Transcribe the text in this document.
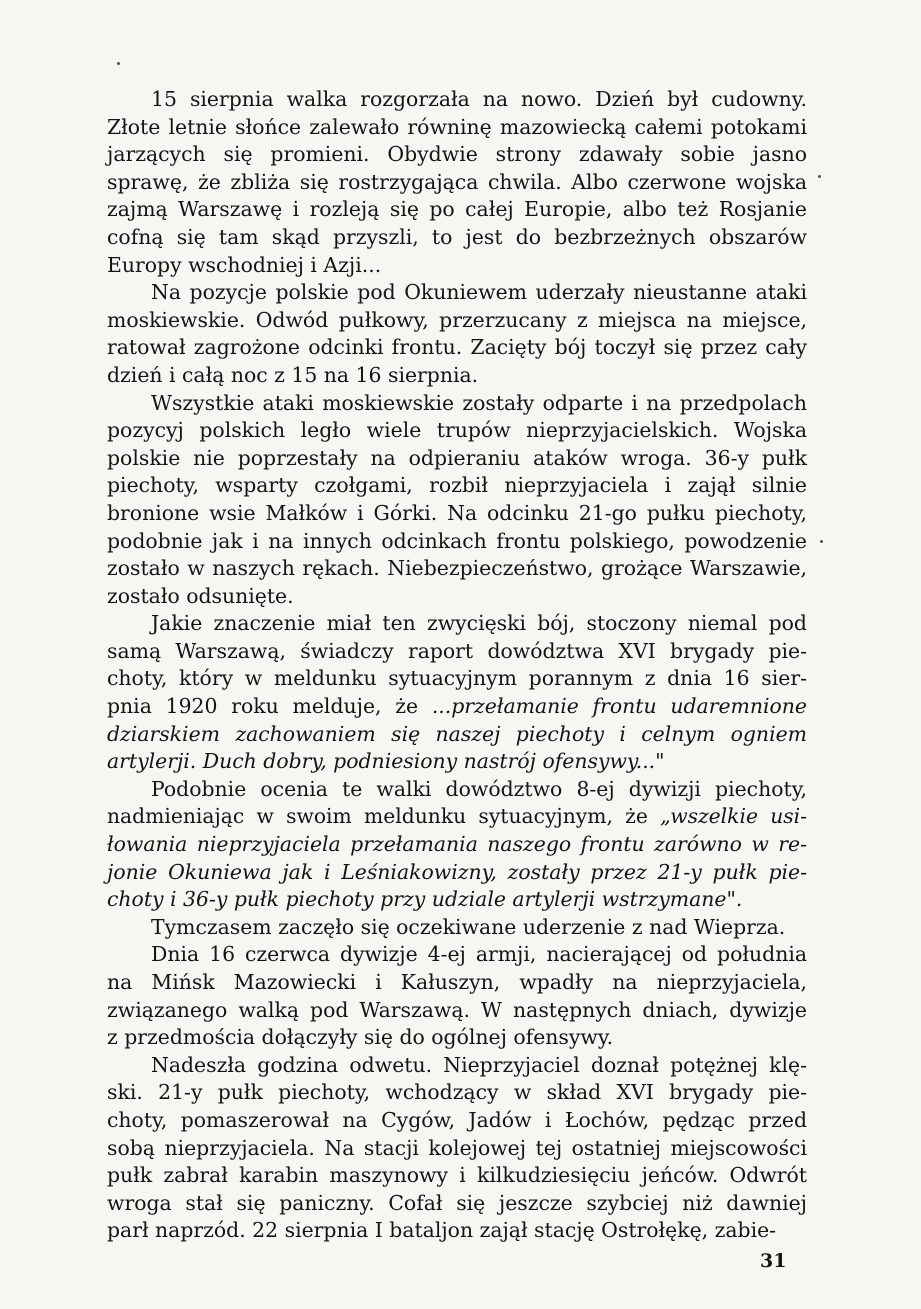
15 sierpnia walka rozgorzała na nowo. Dzień był cudowny.
Złote letnie słońce zalewało równinę mazowiecką całemi potokami
jarzących się promieni. Obydwie strony zdawały sobie jasno
sprawę, że zbliża się rostrzygająca chwila. Albo czerwone wojska
zajmą Warszawę i rozleją się po całej Europie, albo też Rosjanie
cofną się tam skąd przyszli, to jest do bezbrzeżnych obszarów
Europy wschodniej i Azji...
Na pozycje polskie pod Okuniewem uderzały nieustanne ataki
moskiewskie. Odwód pułkowy, przerzucany z miejsca na miejsce,
ratował zagrożone odcinki frontu. Zacięty bój toczył się przez cały
dzień i całą noc z 15 na 16 sierpnia.
Wszystkie ataki moskiewskie zostały odparte i na przedpolach
pozycyj polskich legło wiele trupów nieprzyjacielskich. Wojska
polskie nie poprzestały na odpieraniu ataków wroga. 36-y pułk
piechoty, wsparty czołgami, rozbił nieprzyjaciela i zajął silnie
bronione wsie Małków i Górki. Na odcinku 21-go pułku piechoty,
podobnie jak i na innych odcinkach frontu polskiego, powodzenie
zostało w naszych rękach. Niebezpieczeństwo, grożące Warszawie,
zostało odsunięte.
Jakie znaczenie miał ten zwycięski bój, stoczony niemal pod
samą Warszawą, świadczy raport dowództwa XVI brygady pie-
choty, który w meldunku sytuacyjnym porannym z dnia 16 sier-
pnia 1920 roku melduje, że ...przełamanie frontu udaremnione
dziarskiem zachowaniem się naszej piechoty i celnym ogniem
artylerji. Duch dobry, podniesiony nastrój ofensywy..."
Podobnie ocenia te walki dowództwo 8-ej dywizji piechoty,
nadmieniając w swoim meldunku sytuacyjnym, że „wszelkie usi-
łowania nieprzyjaciela przełamania naszego frontu zarówno w re-
jonie Okuniewa jak i Leśniakowizny, zostały przez 21-y pułk pie-
choty i 36-y pułk piechoty przy udziale artylerji wstrzymane".
Tymczasem zaczęło się oczekiwane uderzenie z nad Wieprza.
Dnia 16 czerwca dywizje 4-ej armji, nacierającej od południa
na Mińsk Mazowiecki i Kałuszyn, wpadły na nieprzyjaciela,
związanego walką pod Warszawą. W następnych dniach, dywizje
z przedmościa dołączyły się do ogólnej ofensywy.
Nadeszła godzina odwetu. Nieprzyjaciel doznał potężnej klę-
ski. 21-y pułk piechoty, wchodzący w skład XVI brygady pie-
choty, pomaszerował na Cygów, Jadów i Łochów, pędząc przed
sobą nieprzyjaciela. Na stacji kolejowej tej ostatniej miejscowości
pułk zabrał karabin maszynowy i kilkudziesięciu jeńców. Odwrót
wroga stał się paniczny. Cofał się jeszcze szybciej niż dawniej
parł naprzód. 22 sierpnia I bataljon zajął stację Ostrołękę, zabie-
31
